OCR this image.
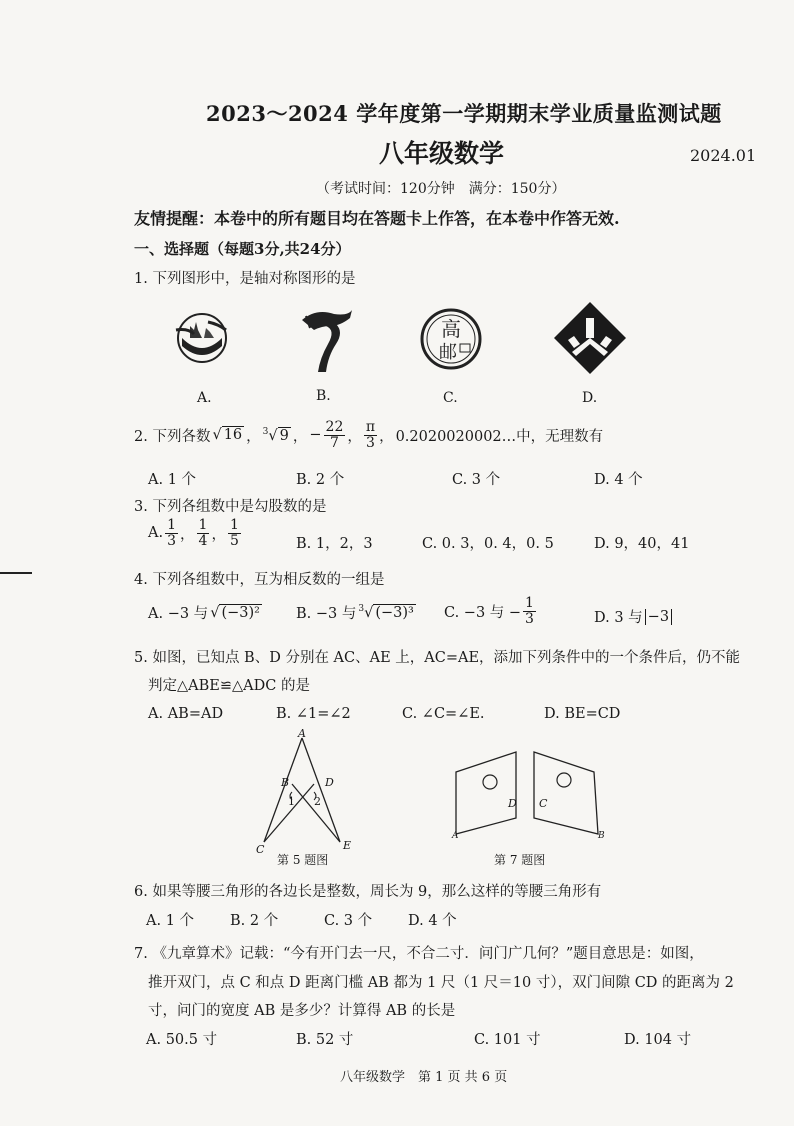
2023～2024 学年度第一学期期末学业质量监测试题
八年级数学	2024.01
（考试时间：120分钟　满分：150分）
友情提醒：本卷中的所有题目均在答题卡上作答，在本卷中作答无效.
一、选择题（每题3分,共24分）
1. 下列图形中，是轴对称图形的是
高
邮
A.	B.	C.	D.
2. 下列各数 √ 16 ， $^3$√ 9 ， − $\frac{22}{7}$ ， $\frac{\pi}{3}$ ， 0.2020020002…中，无理数有
A. 1 个	B. 2 个	C. 3 个	D. 4 个
3. 下列各组数中是勾股数的是
A. $\frac{1}{3}$ ， $\frac{1}{4}$ ， $\frac{1}{5}$	B. 1，2，3	C. 0. 3，0. 4，0. 5	D. 9，40，41
4. 下列各组数中，互为相反数的一组是
A. −3 与 √ (−3)² B. −3 与 $^3$√ (−3)³ C. −3 与 − $\frac{1}{3}$	D. 3 与 −3
5. 如图，已知点 B、D 分别在 AC、AE 上，AC=AE，添加下列条件中的一个条件后，仍不能
判定△ABE≌△ADC 的是
A. AB=AD	B. ∠1=∠2	C. ∠C=∠E.	D. BE=CD
A
B	D
C	E
1 2
第 5 题图
D C
A	B
第 7 题图
6. 如果等腰三角形的各边长是整数，周长为 9，那么这样的等腰三角形有
A. 1 个 B. 2 个	C. 3 个 D. 4 个
7. 《九章算术》记载：“今有开门去一尺，不合二寸．问门广几何？”题目意思是：如图，
推开双门，点 C 和点 D 距离门槛 AB 都为 1 尺（1 尺＝10 寸），双门间隙 CD 的距离为 2
寸，问门的宽度 AB 是多少？计算得 AB 的长是
A. 50.5 寸	B. 52 寸	C. 101 寸	D. 104 寸
八年级数学　第 1 页 共 6 页
